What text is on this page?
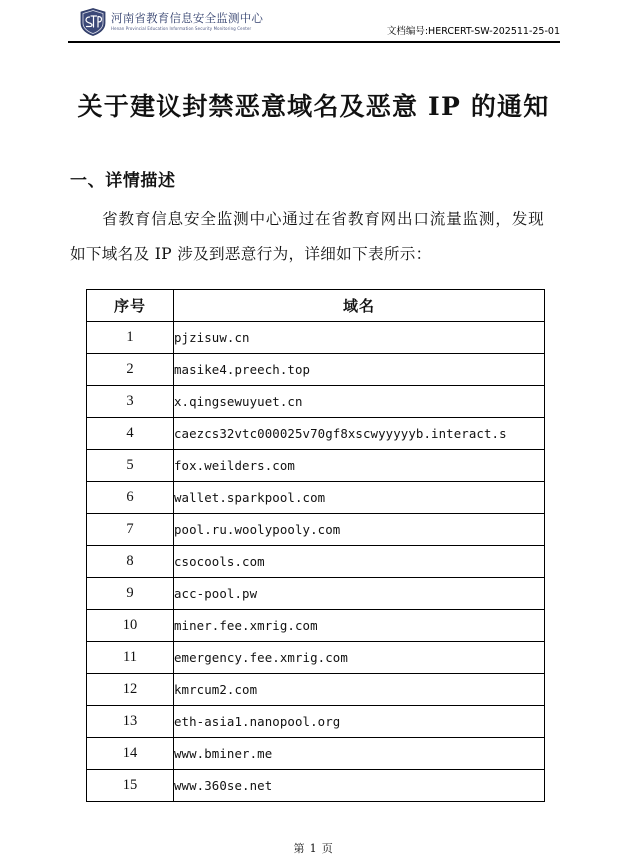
河南省教育信息安全监测中心
Henan Provincial Education Information Security Monitoring Center	文档编号:HERCERT-SW-202511-25-01
关于建议封禁恶意域名及恶意 IP 的通知
一、详情描述

省教育信息安全监测中心通过在省教育网出口流量监测，发现如下域名及 IP 涉及到恶意行为，详细如下表所示：

序号	域名
1	pjzisuw.cn
2	masike4.preech.top
3	x.qingsewuyuet.cn
4	caezcs32vtc000025v70gf8xscwyyyyyb.interact.s
5	fox.weilders.com
6	wallet.sparkpool.com
7	pool.ru.woolypooly.com
8	csocools.com
9	acc-pool.pw
10	miner.fee.xmrig.com
11	emergency.fee.xmrig.com
12	kmrcum2.com
13	eth-asia1.nanopool.org
14	www.bminer.me
15	www.360se.net
第 1 页
